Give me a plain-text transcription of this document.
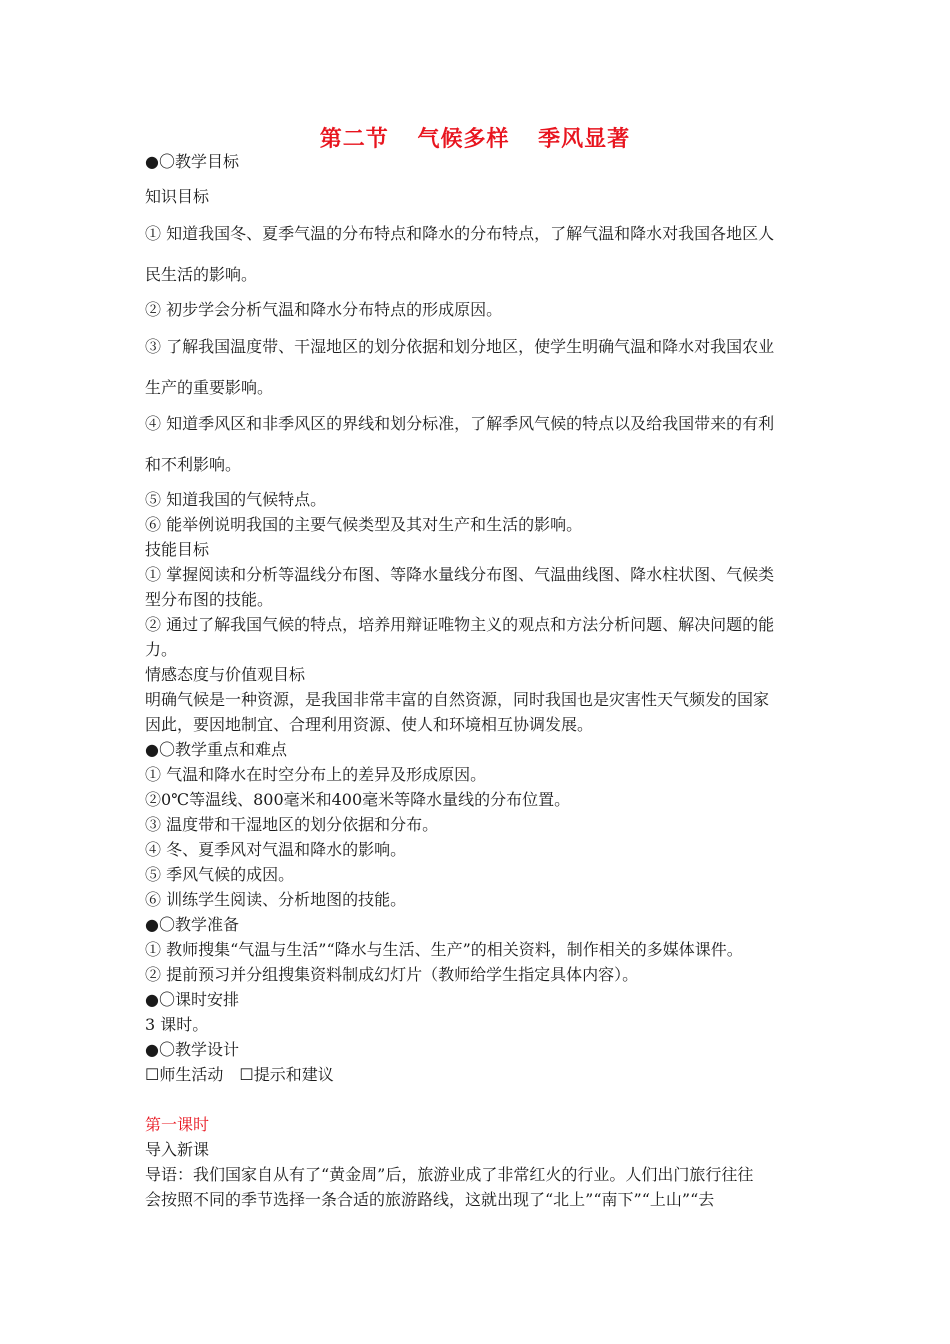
第二节 气候多样 季风显著
●〇教学目标
知识目标
① 知道我国冬、夏季气温的分布特点和降水的分布特点，了解气温和降水对我国各地区人
民生活的影响。
② 初步学会分析气温和降水分布特点的形成原因。
③ 了解我国温度带、干湿地区的划分依据和划分地区，使学生明确气温和降水对我国农业
生产的重要影响。
④ 知道季风区和非季风区的界线和划分标准，了解季风气候的特点以及给我国带来的有利
和不利影响。
⑤ 知道我国的气候特点。
⑥ 能举例说明我国的主要气候类型及其对生产和生活的影响。
技能目标
① 掌握阅读和分析等温线分布图、等降水量线分布图、气温曲线图、降水柱状图、气候类
型分布图的技能。
② 通过了解我国气候的特点，培养用辩证唯物主义的观点和方法分析问题、解决问题的能
力。
情感态度与价值观目标
明确气候是一种资源，是我国非常丰富的自然资源，同时我国也是灾害性天气频发的国家
因此，要因地制宜、合理利用资源、使人和环境相互协调发展。
●〇教学重点和难点
① 气温和降水在时空分布上的差异及形成原因。
②0℃等温线、800毫米和400毫米等降水量线的分布位置。
③ 温度带和干湿地区的划分依据和分布。
④ 冬、夏季风对气温和降水的影响。
⑤ 季风气候的成因。
⑥ 训练学生阅读、分析地图的技能。
●〇教学准备
① 教师搜集“气温与生活”“降水与生活、生产”的相关资料，制作相关的多媒体课件。
② 提前预习并分组搜集资料制成幻灯片（教师给学生指定具体内容）。
●〇课时安排
3 课时。
●〇教学设计
☐师生活动　☐提示和建议
第一课时
导入新课
导语：我们国家自从有了“黄金周”后，旅游业成了非常红火的行业。人们出门旅行往往
会按照不同的季节选择一条合适的旅游路线，这就出现了“北上”“南下”“上山”“去
